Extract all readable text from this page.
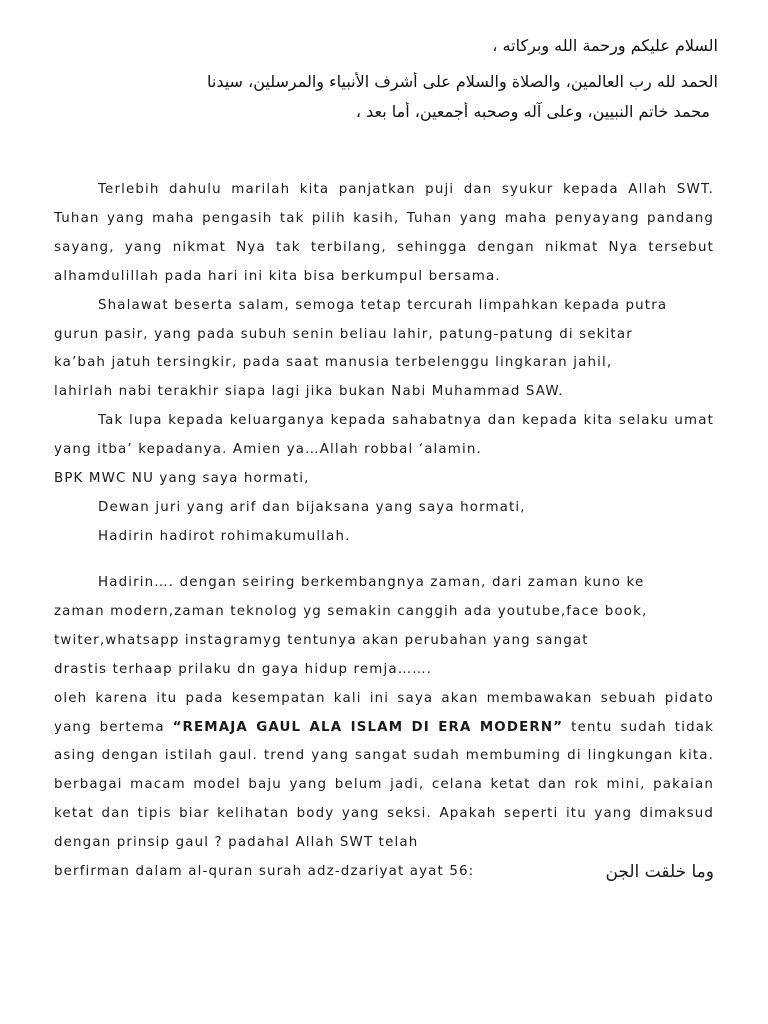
السلام عليكم ورحمة الله وبركاته ،
الحمد لله رب العالمين، والصلاة والسلام على أشرف الأنبياء والمرسلين، سيدنا
محمد خاتم النبيين، وعلى آله وصحبه أجمعين، أما بعد ،

Terlebih dahulu marilah kita panjatkan puji dan syukur kepada Allah SWT. Tuhan yang maha pengasih tak pilih kasih, Tuhan yang maha penyayang pandang sayang, yang nikmat Nya tak terbilang, sehingga dengan nikmat Nya tersebut alhamdulillah pada hari ini kita bisa berkumpul bersama.

Shalawat beserta salam, semoga tetap tercurah limpahkan kepada putra

gurun pasir, yang pada subuh senin beliau lahir, patung-patung di sekitar

ka’bah jatuh tersingkir, pada saat manusia terbelenggu lingkaran jahil,

lahirlah nabi terakhir siapa lagi jika bukan Nabi Muhammad SAW.

Tak lupa kepada keluarganya kepada sahabatnya dan kepada kita selaku umat yang itba’ kepadanya. Amien ya…Allah robbal ‘alamin.

BPK MWC NU yang saya hormati,

Dewan juri yang arif dan bijaksana yang saya hormati,

Hadirin hadirot rohimakumullah.

Hadirin…. dengan seiring berkembangnya zaman, dari zaman kuno ke

zaman modern,zaman teknolog yg semakin canggih ada youtube,face book,

twiter,whatsapp instagramyg tentunya akan perubahan yang sangat

drastis terhaap prilaku dn gaya hidup remja…….

oleh karena itu pada kesempatan kali ini saya akan membawakan sebuah pidato yang bertema “REMAJA GAUL ALA ISLAM DI ERA MODERN” tentu sudah tidak asing dengan istilah gaul. trend yang sangat sudah membuming di lingkungan kita. berbagai macam model baju yang belum jadi, celana ketat dan rok mini, pakaian ketat dan tipis biar kelihatan body yang seksi. Apakah seperti itu yang dimaksud dengan prinsip gaul ? padahal Allah SWT telah

وما خلقت الجن
berfirman dalam al-quran surah adz-dzariyat ayat 56:
